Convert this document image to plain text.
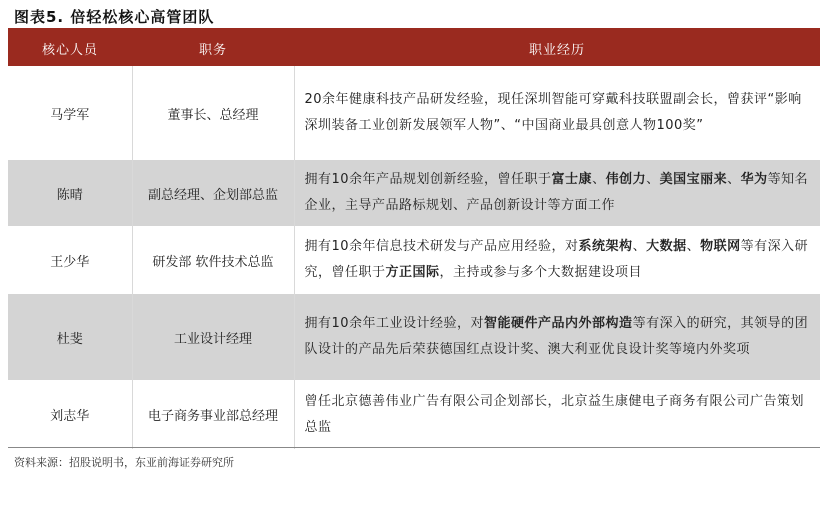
图表5. 倍轻松核心高管团队
核心人员	职务	职业经历
马学军	董事长、总经理	20余年健康科技产品研发经验，现任深圳智能可穿戴科技联盟副会长，曾获评“影响深圳装备工业创新发展领军人物”、“中国商业最具创意人物100奖”
陈晴	副总经理、企划部总监	拥有10余年产品规划创新经验，曾任职于富士康、伟创力、美国宝丽来、华为等知名企业，主导产品路标规划、产品创新设计等方面工作
王少华	研发部 软件技术总监	拥有10余年信息技术研发与产品应用经验，对系统架构、大数据、物联网等有深入研究，曾任职于方正国际，主持或参与多个大数据建设项目
杜斐	工业设计经理	拥有10余年工业设计经验，对智能硬件产品内外部构造等有深入的研究，其领导的团队设计的产品先后荣获德国红点设计奖、澳大利亚优良设计奖等境内外奖项
刘志华	电子商务事业部总经理	曾任北京德善伟业广告有限公司企划部长，北京益生康健电子商务有限公司广告策划总监
资料来源：招股说明书，东亚前海证券研究所
